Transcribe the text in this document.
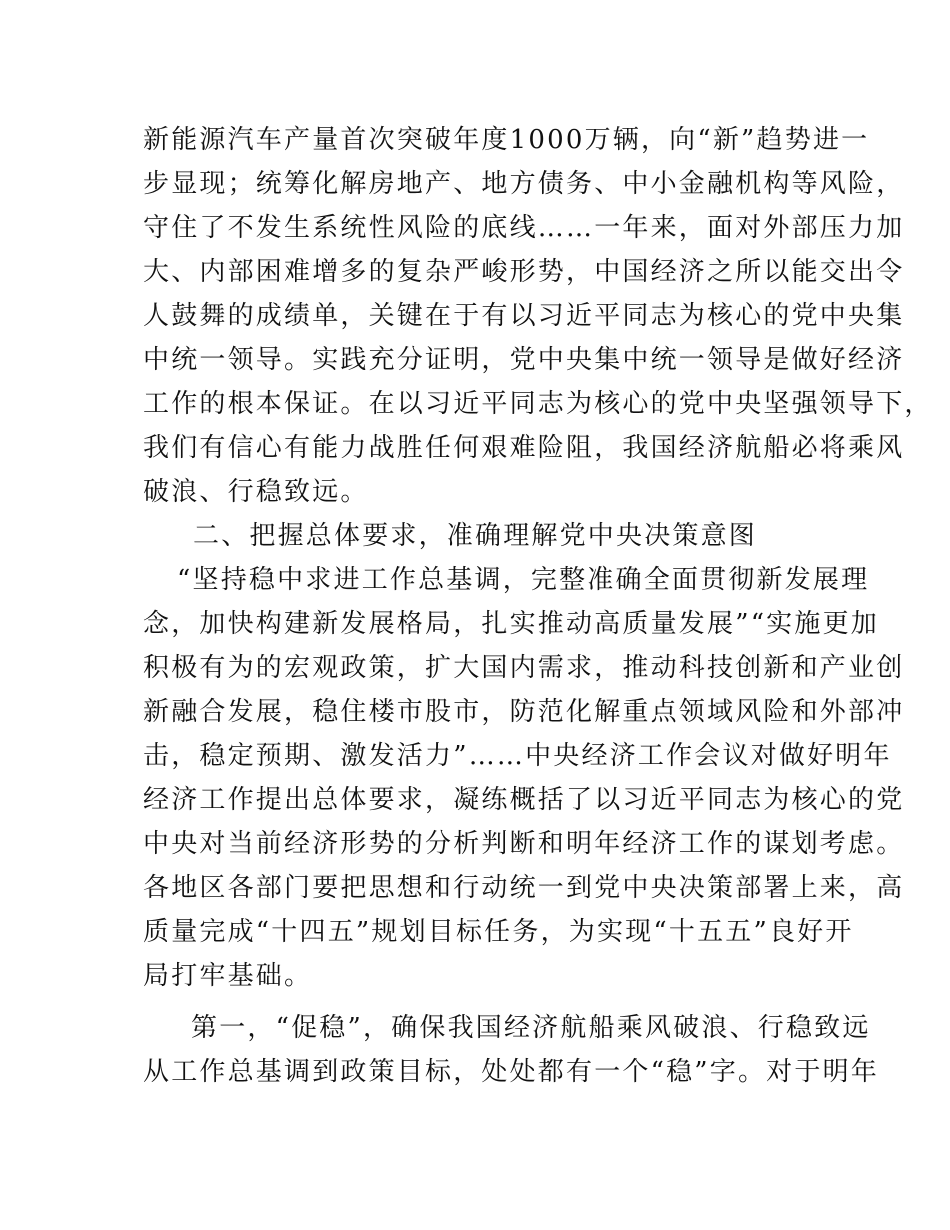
新能源汽车产量首次突破年度1000万辆，向“新”趋势进一
步显现；统筹化解房地产、地方债务、中小金融机构等风险，
守住了不发生系统性风险的底线……一年来，面对外部压力加
大、内部困难增多的复杂严峻形势，中国经济之所以能交出令
人鼓舞的成绩单，关键在于有以习近平同志为核心的党中央集
中统一领导。实践充分证明，党中央集中统一领导是做好经济
工作的根本保证。在以习近平同志为核心的党中央坚强领导下，
我们有信心有能力战胜任何艰难险阻，我国经济航船必将乘风
破浪、行稳致远。
二、把握总体要求，准确理解党中央决策意图
“坚持稳中求进工作总基调，完整准确全面贯彻新发展理
念，加快构建新发展格局，扎实推动高质量发展”“实施更加
积极有为的宏观政策，扩大国内需求，推动科技创新和产业创
新融合发展，稳住楼市股市，防范化解重点领域风险和外部冲
击，稳定预期、激发活力”……中央经济工作会议对做好明年
经济工作提出总体要求，凝练概括了以习近平同志为核心的党
中央对当前经济形势的分析判断和明年经济工作的谋划考虑。
各地区各部门要把思想和行动统一到党中央决策部署上来，高
质量完成“十四五”规划目标任务，为实现“十五五”良好开
局打牢基础。
第一，“促稳”，确保我国经济航船乘风破浪、行稳致远
从工作总基调到政策目标，处处都有一个“稳”字。对于明年
